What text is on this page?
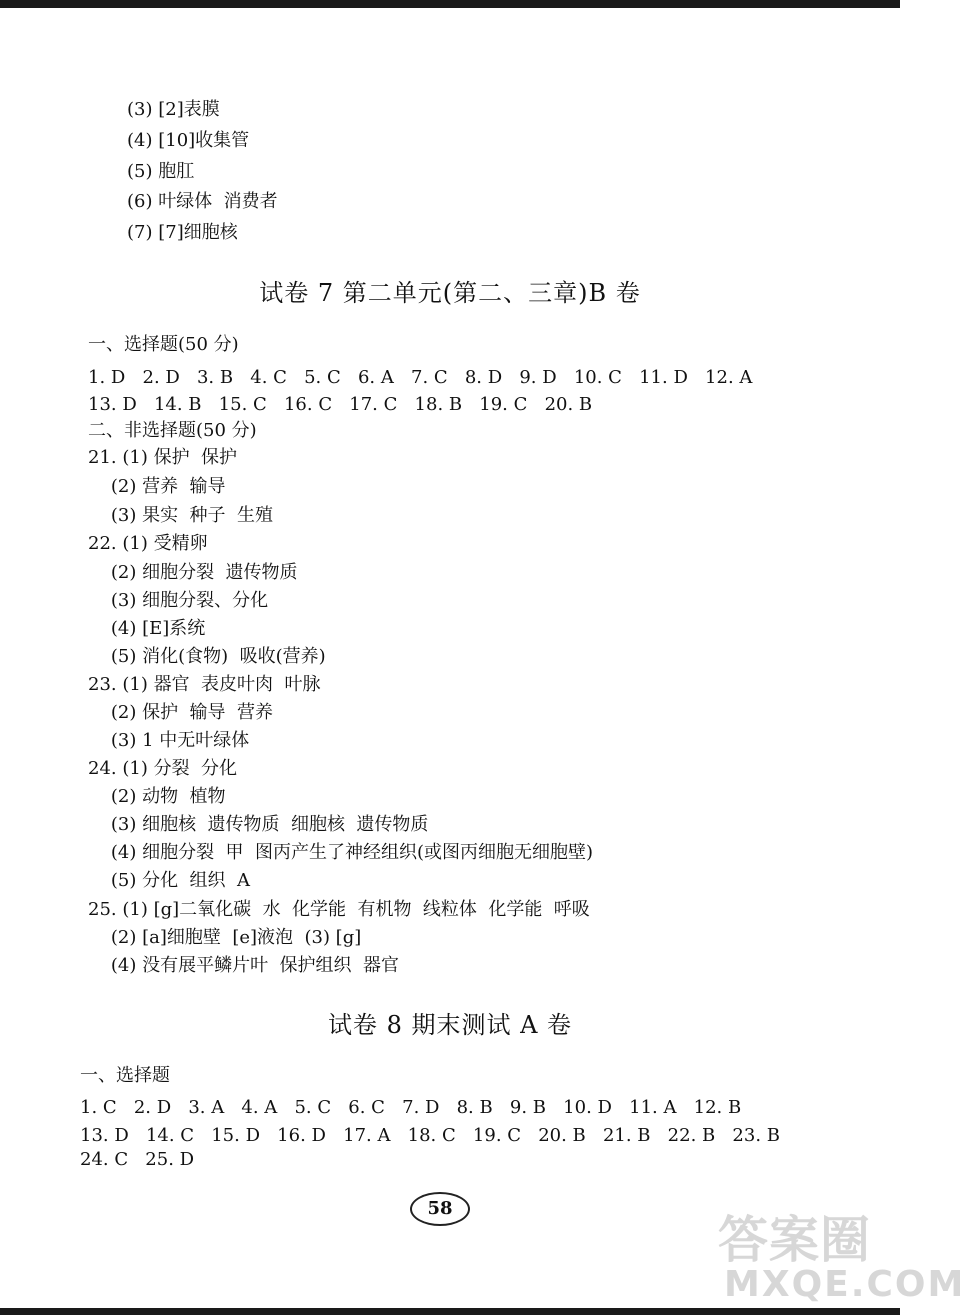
(3) [2]表膜
(4) [10]收集管
(5) 胞肛
(6) 叶绿体  消费者
(7) [7]细胞核
试卷 7 第二单元(第二、三章)B 卷
一、选择题(50 分)
1. D   2. D   3. B   4. C   5. C   6. A   7. C   8. D   9. D   10. C   11. D   12. A
13. D   14. B   15. C   16. C   17. C   18. B   19. C   20. B
二、非选择题(50 分)
21. (1) 保护  保护
(2) 营养  输导
(3) 果实  种子  生殖
22. (1) 受精卵
(2) 细胞分裂  遗传物质
(3) 细胞分裂、分化
(4) [E]系统
(5) 消化(食物)  吸收(营养)
23. (1) 器官  表皮叶肉  叶脉
(2) 保护  输导  营养
(3) 1 中无叶绿体
24. (1) 分裂  分化
(2) 动物  植物
(3) 细胞核  遗传物质  细胞核  遗传物质
(4) 细胞分裂  甲  图丙产生了神经组织(或图丙细胞无细胞壁)
(5) 分化  组织  A
25. (1) [g]二氧化碳  水  化学能  有机物  线粒体  化学能  呼吸
(2) [a]细胞壁  [e]液泡  (3) [g]
(4) 没有展平鳞片叶  保护组织  器官
试卷 8 期末测试 A 卷
一、选择题
1. C   2. D   3. A   4. A   5. C   6. C   7. D   8. B   9. B   10. D   11. A   12. B
13. D   14. C   15. D   16. D   17. A   18. C   19. C   20. B   21. B   22. B   23. B
24. C   25. D
58
答案圈
MXQE.COM
